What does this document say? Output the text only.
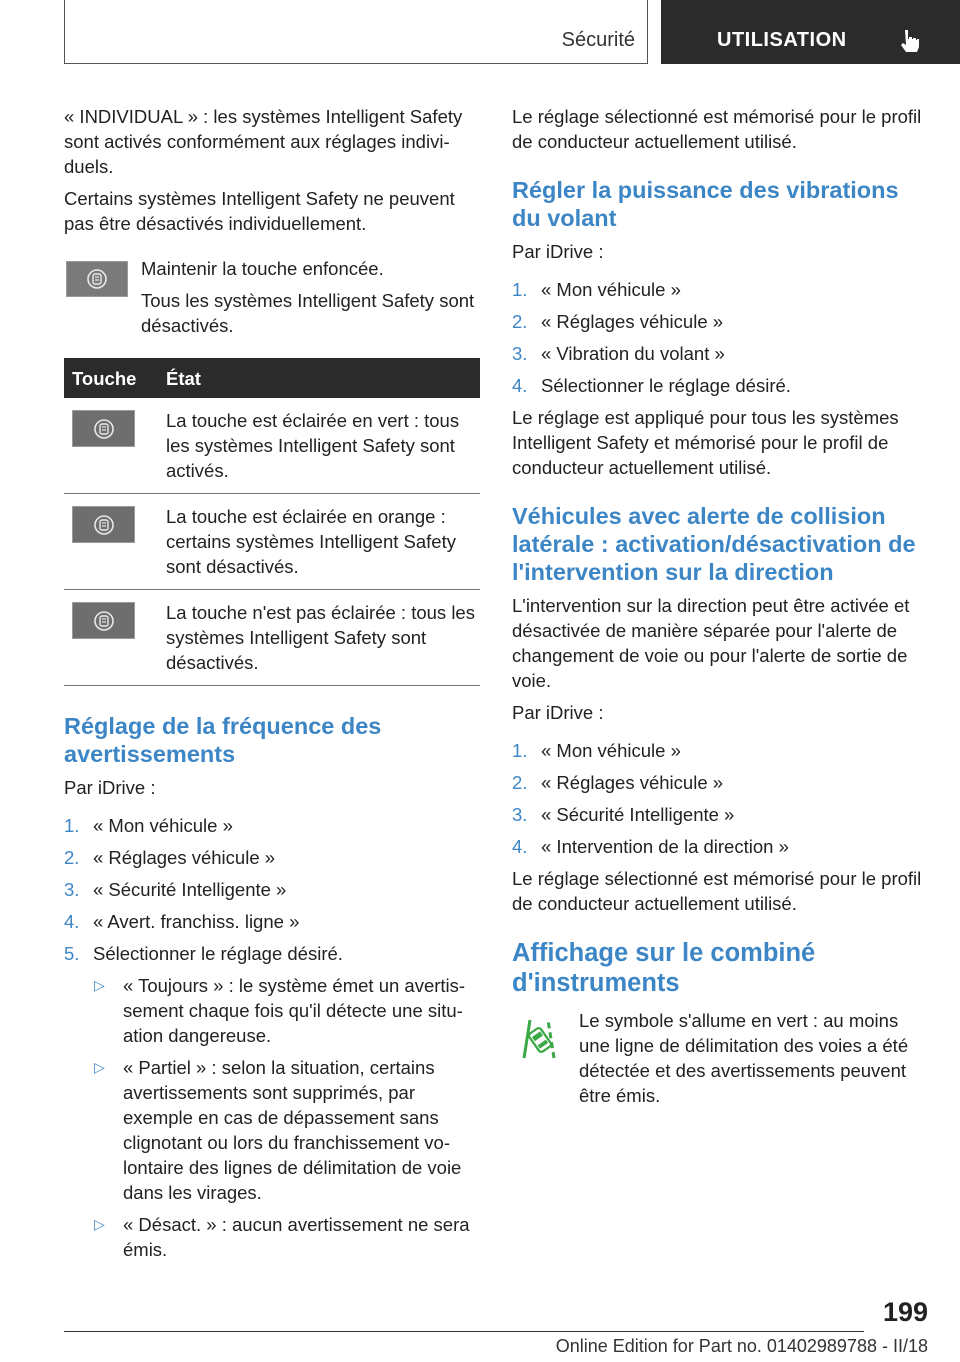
Sécurité	UTILISATION

« INDIVIDUAL » : les systèmes Intelligent Safety sont activés conformément aux réglages individuels.

Certains systèmes Intelligent Safety ne peuvent pas être désactivés individuellement.

Maintenir la touche enfoncée.

Tous les systèmes Intelligent Safety sont désactivés.

Touche	État

	La touche est éclairée en vert : tous les systèmes Intelligent Safety sont activés.

	La touche est éclairée en orange : certains systèmes Intelligent Safety sont désactivés.

	La touche n'est pas éclairée : tous les systèmes Intelligent Safety sont désactivés.
Réglage de la fréquence des avertissements

Par iDrive :

1. « Mon véhicule »
2. « Réglages véhicule »
3. « Sécurité Intelligente »
4. « Avert. franchiss. ligne »
5. Sélectionner le réglage désiré.
▷ « Toujours » : le système émet un avertissement chaque fois qu'il détecte une situation dangereuse.
▷ « Partiel » : selon la situation, certains avertissements sont supprimés, par exemple en cas de dépassement sans clignotant ou lors du franchissement volontaire des lignes de délimitation de voie dans les virages.
▷ « Désact. » : aucun avertissement ne sera émis.

Le réglage sélectionné est mémorisé pour le profil de conducteur actuellement utilisé.

Régler la puissance des vibrations du volant

Par iDrive :

1. « Mon véhicule »
2. « Réglages véhicule »
3. « Vibration du volant »
4. Sélectionner le réglage désiré.

Le réglage est appliqué pour tous les systèmes Intelligent Safety et mémorisé pour le profil de conducteur actuellement utilisé.

Véhicules avec alerte de collision latérale : activation/désactivation de l'intervention sur la direction

L'intervention sur la direction peut être activée et désactivée de manière séparée pour l'alerte de changement de voie ou pour l'alerte de sortie de voie.

Par iDrive :

1. « Mon véhicule »
2. « Réglages véhicule »
3. « Sécurité Intelligente »
4. « Intervention de la direction »

Le réglage sélectionné est mémorisé pour le profil de conducteur actuellement utilisé.

Affichage sur le combiné d'instruments

Le symbole s'allume en vert : au moins une ligne de délimitation des voies a été détectée et des avertissements peuvent être émis.

199
Online Edition for Part no. 01402989788 - II/18
